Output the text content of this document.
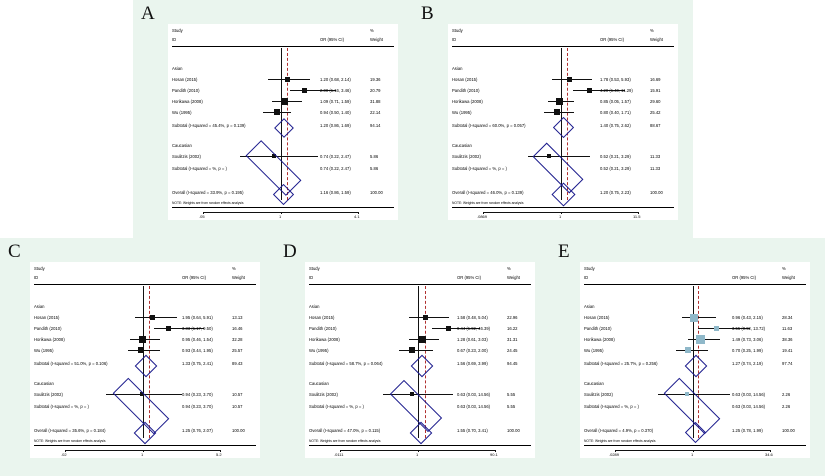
A	B
C	D	E
Study	%
ID	OR (95% CI)	Weight
Asian
Hosan (2015)	1.20 (0.68, 2.14)	19.36
Pandith (2010)	2.00 (1.16, 3.46)	20.79
Horikawa (2008)	1.09 (0.71, 1.59)	31.88
Wu (1995)	0.94 (0.50, 1.40)	22.14
Subtotal (I-squared = 45.4%, p = 0.139)	1.20 (0.86, 1.69)	94.14
Caucasian
Soulitzis (2002)	0.74 (0.22, 2.47)	5.86
Subtotal (I-squared = %, p = )	0.74 (0.22, 2.47)	5.86
Overall (I-squared = 33.9%, p = 0.195)	1.16 (0.86, 1.59)	100.00
NOTE: Weights are from random effects analysis
.05	1	4.1
Study	%
ID	OR (95% CI)	Weight
Asian
Hosan (2015)	1.78 (0.53, 5.93)	16.69
Pandith (2010)	4.20 (1.40, 11.29)	15.91
Horikawa (2008)	0.85 (0.05, 1.57)	29.60
Wu (1995)	0.80 (0.40, 1.71)	25.42
Subtotal (I-squared = 60.0%, p = 0.057)	1.40 (0.75, 2.62)	88.67
Caucasian
Soulitzis (2002)	0.52 (0.21, 3.29)	11.33
Subtotal (I-squared = %, p = )	0.52 (0.21, 3.29)	11.33
Overall (I-squared = 46.0%, p = 0.139)	1.20 (0.75, 2.23)	100.00
NOTE: Weights are from random effects analysis
.0869	1	11.5
Study	%
ID	OR (95% CI)	Weight
Asian
Hosan (2015)	1.95 (0.64, 5.91)	13.13
Pandith (2010)	3.33 (1.17, 9.50)	16.46
Horikawa (2008)	0.95 (0.46, 1.54)	32.28
Wu (1995)	0.93 (0.44, 1.95)	25.57
Subtotal (I-squared = 51.0%, p = 0.106)	1.33 (0.75, 2.41)	89.43
Caucasian
Soulitzis (2002)	0.94 (0.23, 3.70)	10.57
Subtotal (I-squared = %, p = )	0.94 (0.23, 3.70)	10.57
Overall (I-squared = 35.6%, p = 0.184)	1.25 (0.76, 2.07)	100.00
NOTE: Weights are from random effects analysis
.02	1	5.2
Study	%
ID	OR (95% CI)	Weight
Asian
Hosan (2015)	1.58 (0.48, 5.04)	22.96
Pandith (2010)	9.44 (1.92, 46.39)	16.22
Horikawa (2008)	1.28 (0.61, 3.03)	31.31
Wu (1995)	0.67 (0.23, 2.00)	24.45
Subtotal (I-squared = 58.7%, p = 0.064)	1.56 (0.69, 3.99)	94.45
Caucasian
Soulitzis (2002)	0.63 (0.03, 14.56)	5.55
Subtotal (I-squared = %, p = )	0.63 (0.03, 14.56)	5.55
Overall (I-squared = 47.0%, p = 0.115)	1.55 (0.70, 3.41)	100.00
NOTE: Weights are from random effects analysis
.0111	1	90.1
Study	%
ID	OR (95% CI)	Weight
Asian
Hosan (2015)	0.96 (0.43, 2.15)	28.34
Pandith (2010)	3.55 (0.92, 13.72)	11.63
Horikawa (2008)	1.49 (0.73, 3.06)	38.36
Wu (1995)	0.70 (0.25, 1.99)	19.41
Subtotal (I-squared = 25.7%, p = 0.256)	1.27 (0.74, 2.19)	97.74
Caucasian
Soulitzis (2002)	0.63 (0.03, 14.56)	2.26
Subtotal (I-squared = %, p = )	0.63 (0.03, 14.56)	2.26
Overall (I-squared = 4.9%, p = 0.370)	1.25 (0.78, 1.99)	100.00
NOTE: Weights are from random effects analysis
.0289	1	34.6
